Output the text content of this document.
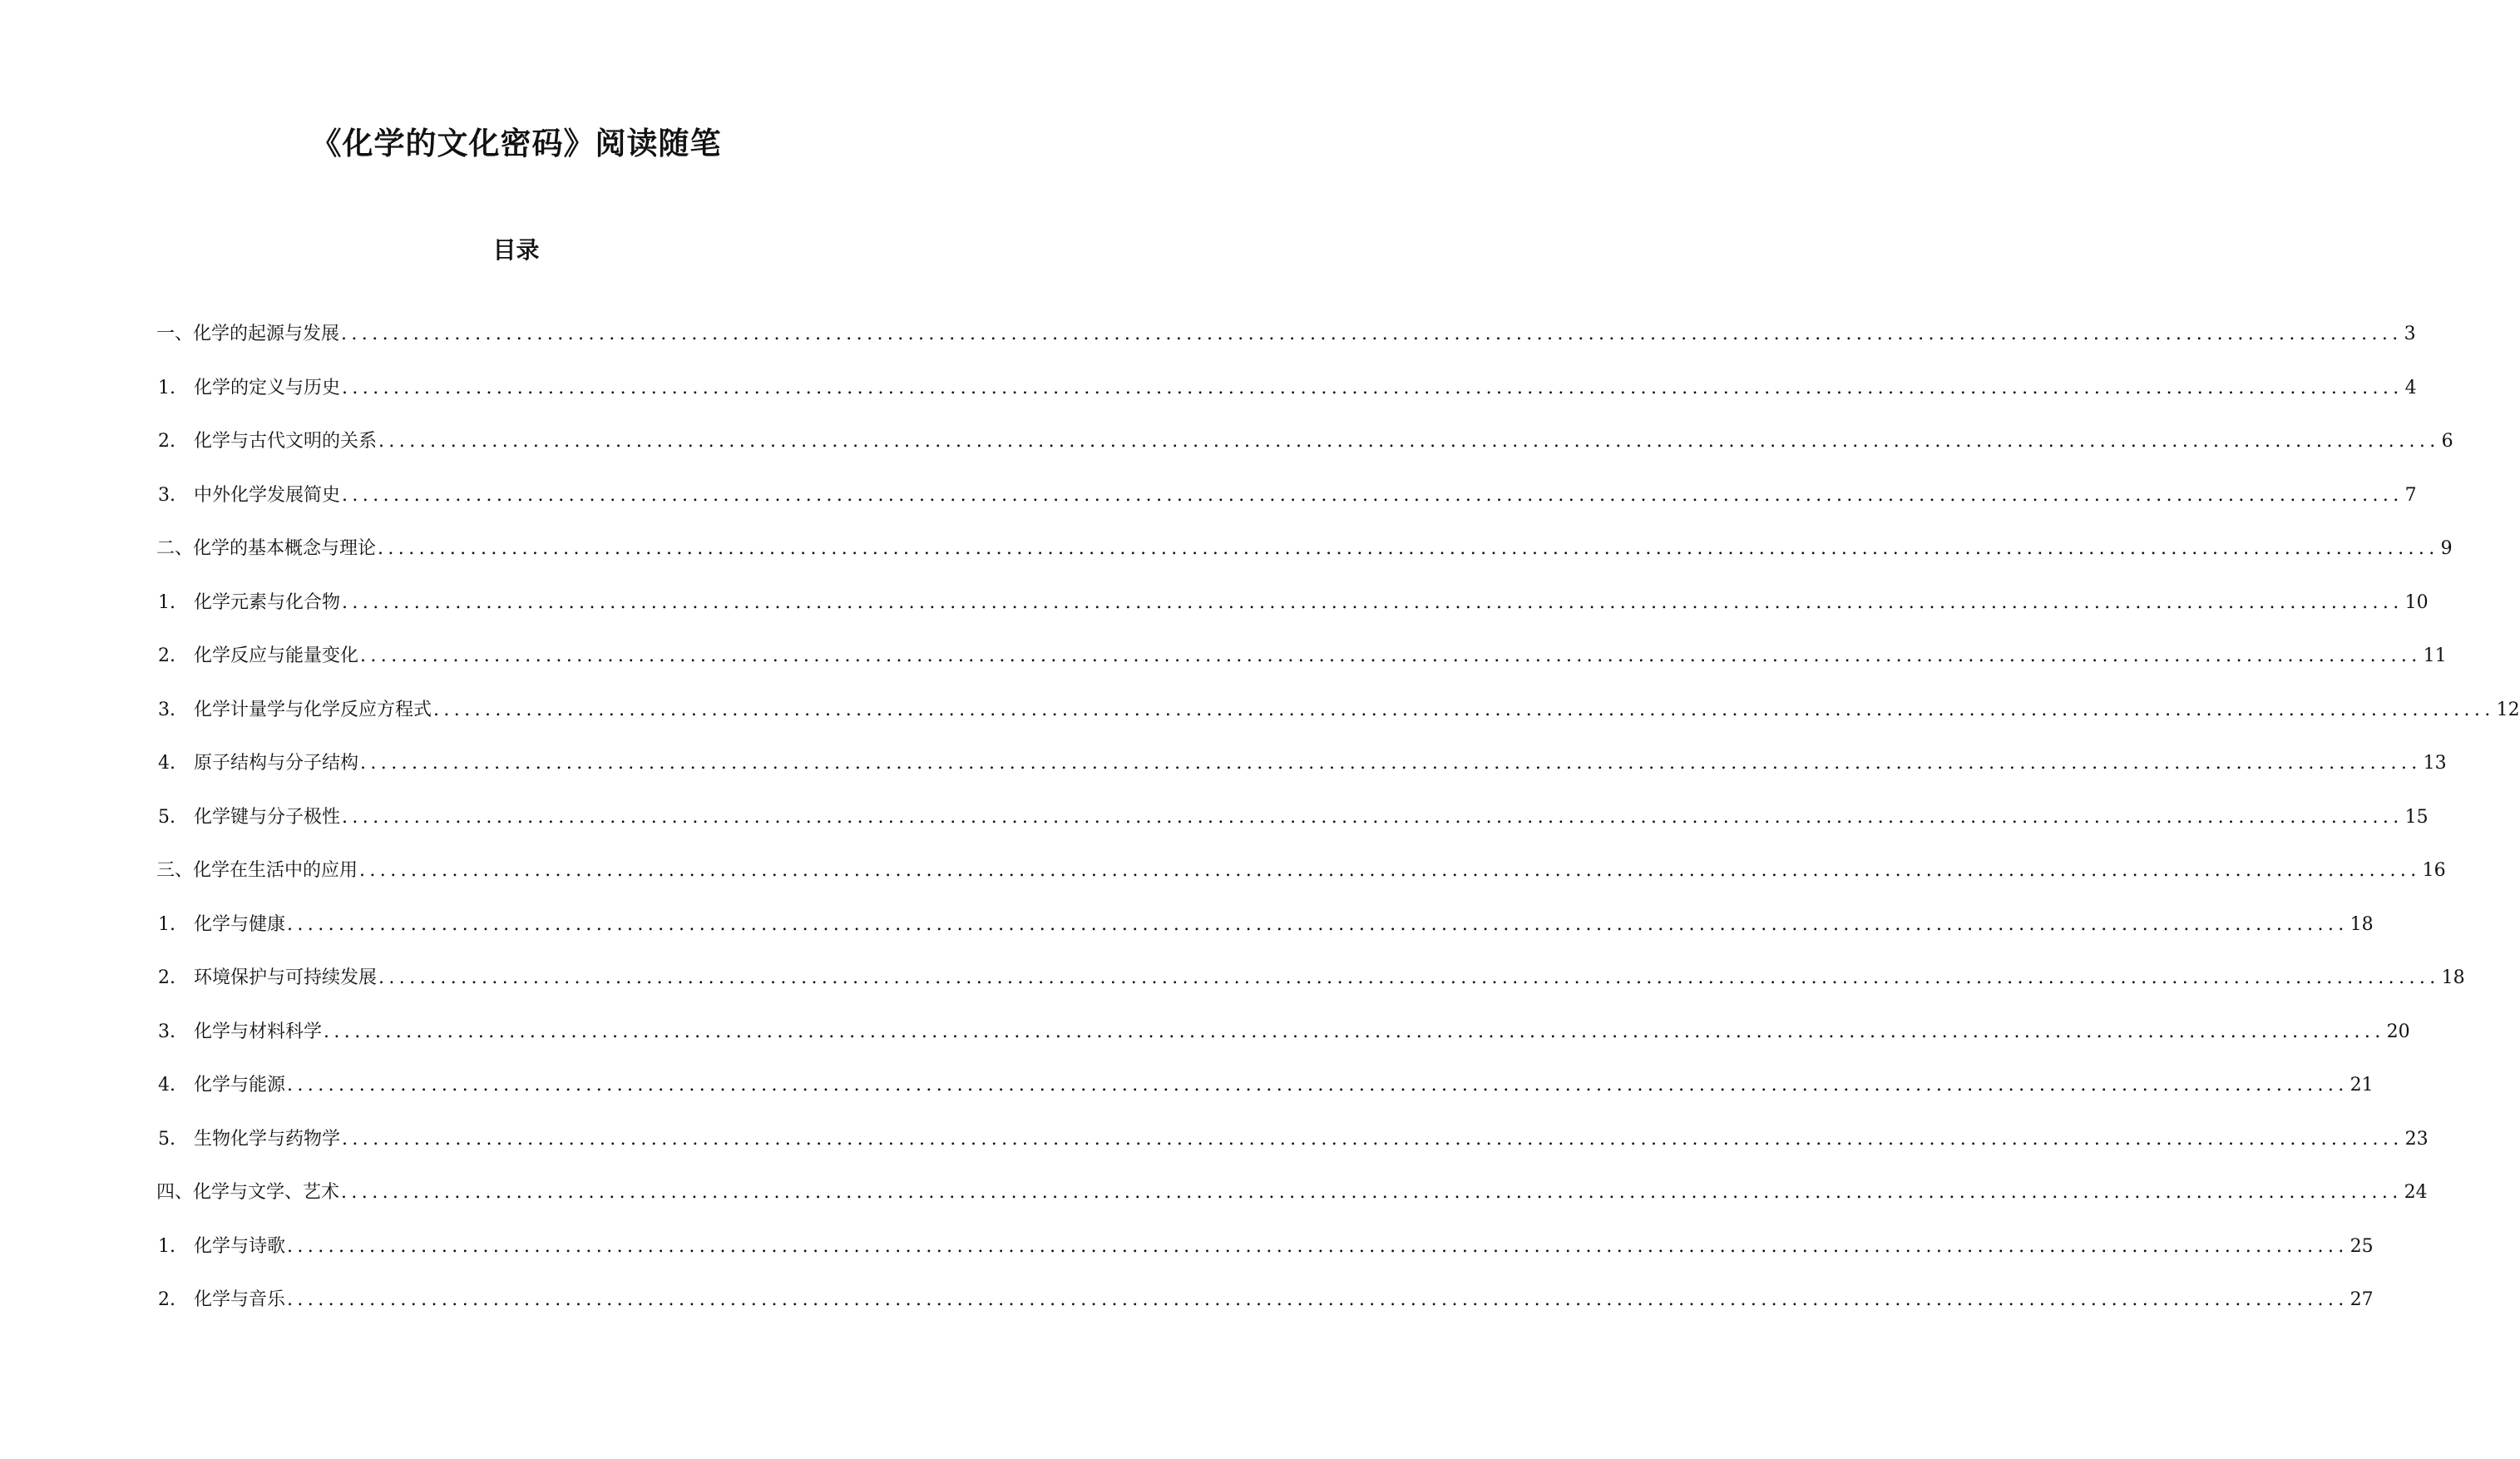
《化学的文化密码》阅读随笔
目录
一、化学的起源与发展 ........................................................................................................................................................................................................ 3
1.	化学的定义与历史 ........................................................................................................................................................................................................ 4
2.	化学与古代文明的关系 ........................................................................................................................................................................................................ 6
3.	中外化学发展简史 ........................................................................................................................................................................................................ 7
二、化学的基本概念与理论 ........................................................................................................................................................................................................ 9
1.	化学元素与化合物 ........................................................................................................................................................................................................ 10
2.	化学反应与能量变化 ........................................................................................................................................................................................................ 11
3.	化学计量学与化学反应方程式 ........................................................................................................................................................................................................ 12
4.	原子结构与分子结构 ........................................................................................................................................................................................................ 13
5.	化学键与分子极性 ........................................................................................................................................................................................................ 15
三、化学在生活中的应用 ........................................................................................................................................................................................................ 16
1.	化学与健康 ........................................................................................................................................................................................................ 18
2.	环境保护与可持续发展 ........................................................................................................................................................................................................ 18
3.	化学与材料科学 ........................................................................................................................................................................................................ 20
4.	化学与能源 ........................................................................................................................................................................................................ 21
5.	生物化学与药物学 ........................................................................................................................................................................................................ 23
四、化学与文学、艺术 ........................................................................................................................................................................................................ 24
1.	化学与诗歌 ........................................................................................................................................................................................................ 25
2.	化学与音乐 ........................................................................................................................................................................................................ 27
